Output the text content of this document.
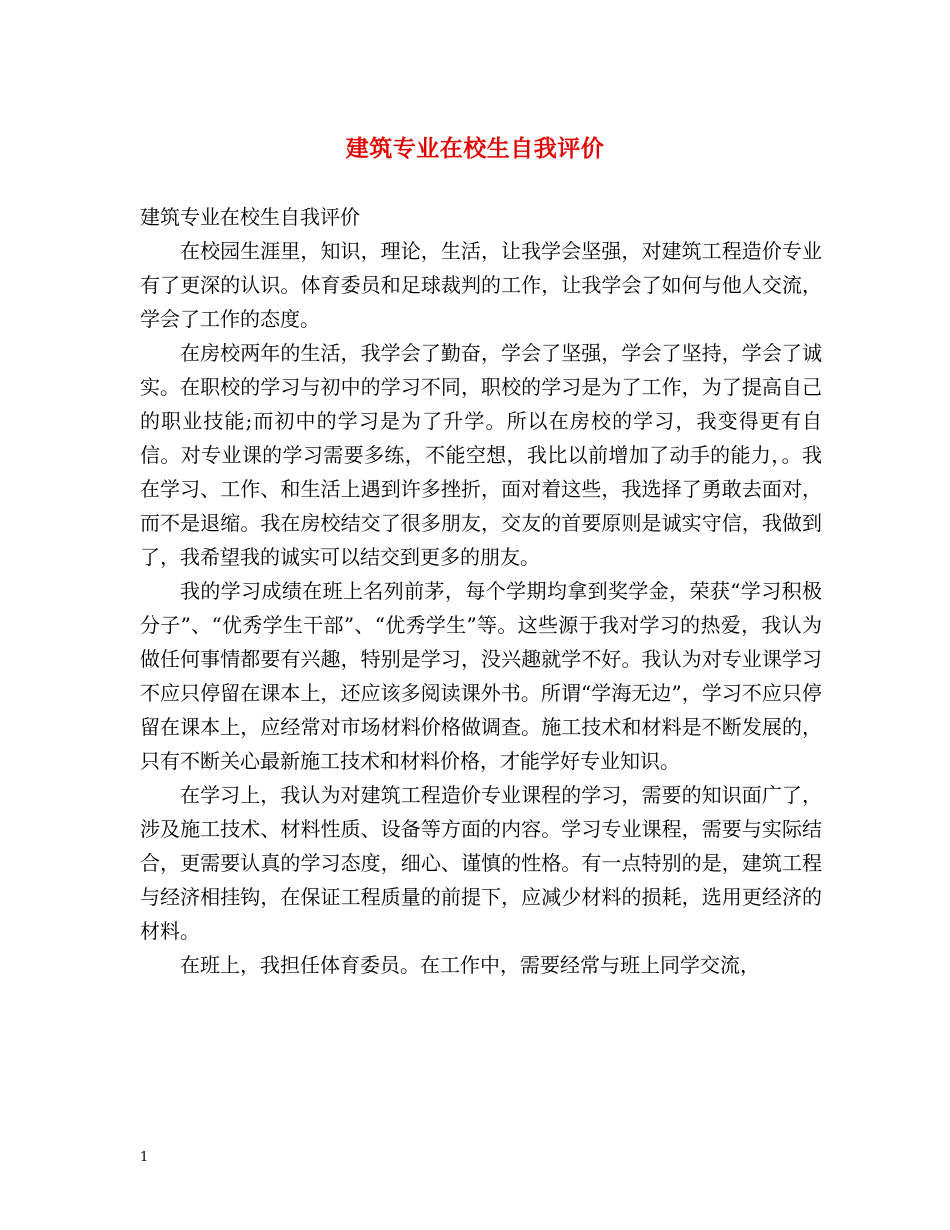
建筑专业在校生自我评价

建筑专业在校生自我评价

在校园生涯里，知识，理论，生活，让我学会坚强，对建筑工程造价专业有了更深的认识。体育委员和足球裁判的工作，让我学会了如何与他人交流，学会了工作的态度。

在房校两年的生活，我学会了勤奋，学会了坚强，学会了坚持，学会了诚实。在职校的学习与初中的学习不同，职校的学习是为了工作，为了提高自己的职业技能;而初中的学习是为了升学。所以在房校的学习，我变得更有自信。对专业课的学习需要多练，不能空想，我比以前增加了动手的能力，。我在学习、工作、和生活上遇到许多挫折，面对着这些，我选择了勇敢去面对，而不是退缩。我在房校结交了很多朋友，交友的首要原则是诚实守信，我做到了，我希望我的诚实可以结交到更多的朋友。

我的学习成绩在班上名列前茅，每个学期均拿到奖学金，荣获“学习积极分子”、“优秀学生干部”、“优秀学生”等。这些源于我对学习的热爱，我认为做任何事情都要有兴趣，特别是学习，没兴趣就学不好。我认为对专业课学习不应只停留在课本上，还应该多阅读课外书。所谓“学海无边”，学习不应只停留在课本上，应经常对市场材料价格做调查。施工技术和材料是不断发展的，只有不断关心最新施工技术和材料价格，才能学好专业知识。

在学习上，我认为对建筑工程造价专业课程的学习，需要的知识面广了，涉及施工技术、材料性质、设备等方面的内容。学习专业课程，需要与实际结合，更需要认真的学习态度，细心、谨慎的性格。有一点特别的是，建筑工程与经济相挂钩，在保证工程质量的前提下，应减少材料的损耗，选用更经济的材料。

在班上，我担任体育委员。在工作中，需要经常与班上同学交流，

1
